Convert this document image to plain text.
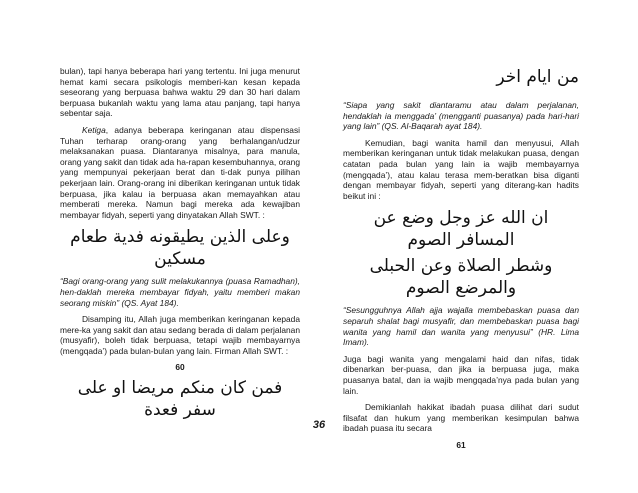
bulan), tapi hanya beberapa hari yang tertentu. Ini juga menurut hemat kami secara psikologis memberi-kan kesan kepada seseorang yang berpuasa bahwa waktu 29 dan 30 hari dalam berpuasa bukanlah waktu yang lama atau panjang, tapi hanya sebentar saja.

Ketiga, adanya beberapa keringanan atau dispensasi Tuhan terharap orang-orang yang berhalangan/udzur melaksanakan puasa. Diantaranya misalnya, para manula, orang yang sakit dan tidak ada ha-rapan kesembuhannya, orang yang mempunyai pekerjaan berat dan ti-dak punya pilihan pekerjaan lain. Orang-orang ini diberikan keringanan untuk tidak berpuasa, jika kalau ia berpuasa akan memayahkan atau memberati mereka. Namun bagi mereka ada kewajiban membayar fidyah, seperti yang dinyatakan Allah SWT. :

وعلى الذين يطيقونه فدية طعام مسكين

“Bagi orang-orang yang sulit melakukannya (puasa Ramadhan), hen-daklah mereka membayar fidyah, yaitu memberi makan seorang miskin” (QS. Ayat 184).

Disamping itu, Allah juga memberikan keringanan kepada mere-ka yang sakit dan atau sedang berada di dalam perjalanan (musyafir), boleh tidak berpuasa, tetapi wajib membayarnya (mengqada’) pada bulan-bulan yang lain. Firman Allah SWT. :

60
فمن كان منكم مريضا او على سفر فعدة
من ايام اخر

“Siapa yang sakit diantaramu atau dalam perjalanan, hendaklah ia menggada’ (mengganti puasanya) pada hari-hari yang lain” (QS. Al-Baqarah ayat 184).

Kemudian, bagi wanita hamil dan menyusui, Allah memberikan keringanan untuk tidak melakukan puasa, dengan catatan pada bulan yang lain ia wajib membayarnya (mengqada’), atau kalau terasa mem-beratkan bisa diganti dengan membayar fidyah, seperti yang diterang-kan hadits beikut ini :

ان الله عز وجل وضع عن المسافر الصوم
وشطر الصلاة وعن الحبلى والمرضع الصوم

“Sesungguhnya Allah ajja wajalla membebaskan puasa dan separuh shalat bagi musyafir, dan membebaskan puasa bagi wanita yang hamil dan wanita yang menyusui” (HR. Lima Imam).

Juga bagi wanita yang mengalami haid dan nifas, tidak dibenarkan ber-puasa, dan jika ia berpuasa juga, maka puasanya batal, dan ia wajib mengqada’nya pada bulan yang lain.

Demikianlah hakikat ibadah puasa dilihat dari sudut filsafat dan hukum yang memberikan kesimpulan bahwa ibadah puasa itu secara

61
36
